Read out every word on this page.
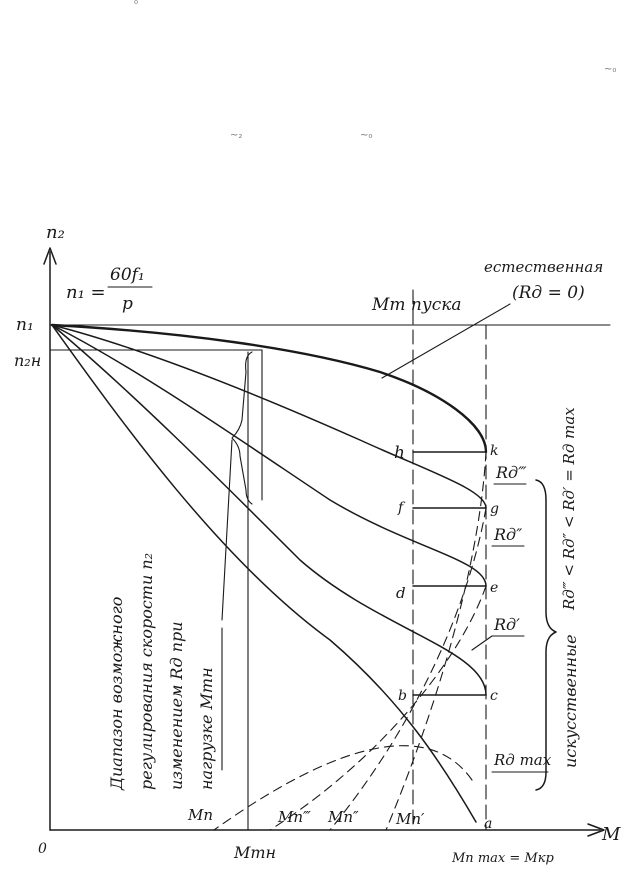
₀
~₀
~₂	~₀
n₂
M
0
n₁
n₂н
Mтн	Mп max = Mкр
n₁ =
60f₁
p
h	k
f	g
d	e
b	c
a
естественная
(Rд = 0)
Mт пуска
Rд‴
Rд″
Rд′
Rд max
Rд‴ < Rд″ < Rд′ = Rд max
искусственные
Диапазон возможного регулирования скорости n₂ изменением Rд при нагрузке Mтн
Mп	Mп‴ Mп″ Mп′
